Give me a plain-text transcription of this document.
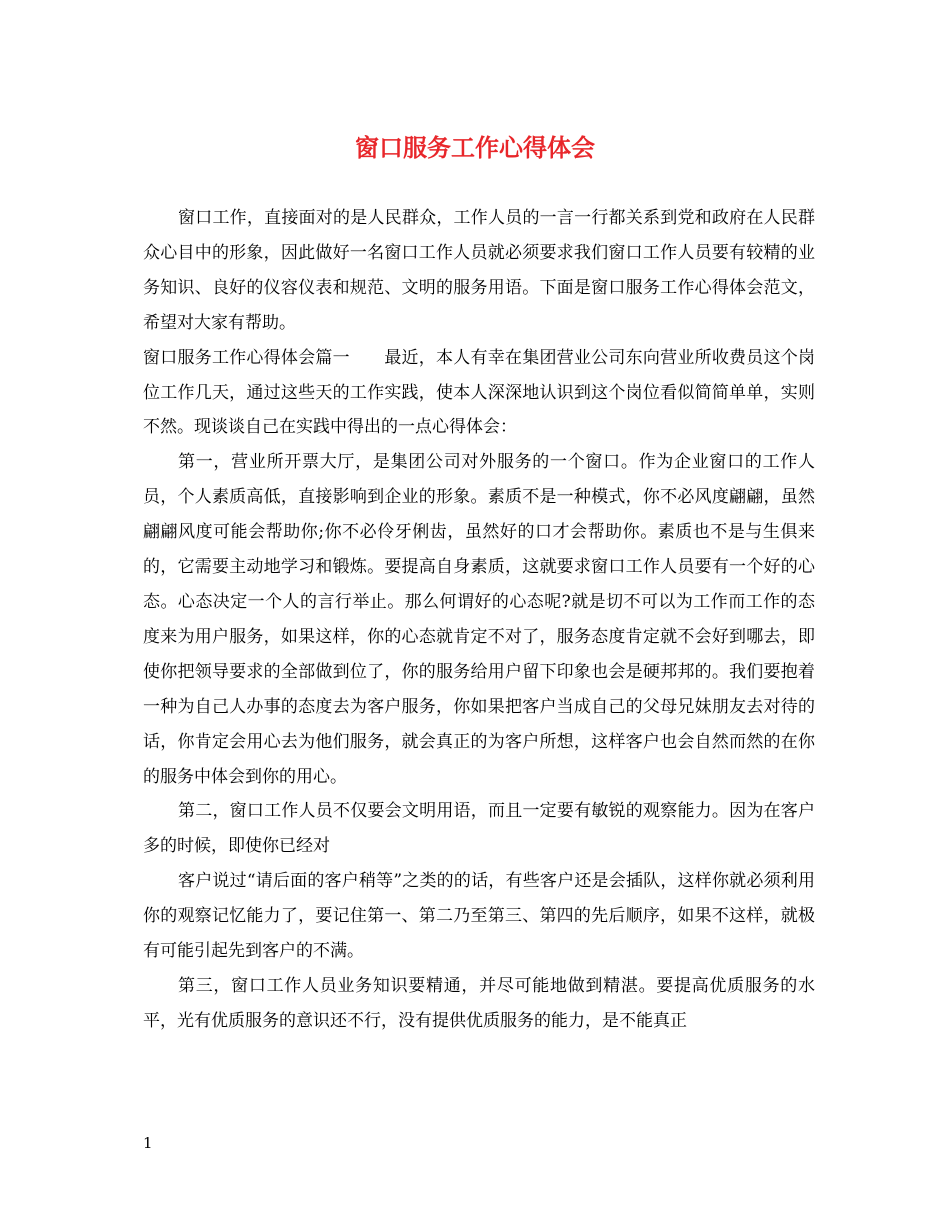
窗口服务工作心得体会

窗口工作，直接面对的是人民群众，工作人员的一言一行都关系到党和政府在人民群众心目中的形象，因此做好一名窗口工作人员就必须要求我们窗口工作人员要有较精的业务知识、良好的仪容仪表和规范、文明的服务用语。下面是窗口服务工作心得体会范文，希望对大家有帮助。

窗口服务工作心得体会篇一　　最近，本人有幸在集团营业公司东向营业所收费员这个岗位工作几天，通过这些天的工作实践，使本人深深地认识到这个岗位看似简简单单，实则不然。现谈谈自己在实践中得出的一点心得体会：

第一，营业所开票大厅，是集团公司对外服务的一个窗口。作为企业窗口的工作人员，个人素质高低，直接影响到企业的形象。素质不是一种模式，你不必风度翩翩，虽然翩翩风度可能会帮助你;你不必伶牙俐齿，虽然好的口才会帮助你。素质也不是与生俱来的，它需要主动地学习和锻炼。要提高自身素质，这就要求窗口工作人员要有一个好的心态。心态决定一个人的言行举止。那么何谓好的心态呢?就是切不可以为工作而工作的态度来为用户服务，如果这样，你的心态就肯定不对了，服务态度肯定就不会好到哪去，即使你把领导要求的全部做到位了，你的服务给用户留下印象也会是硬邦邦的。我们要抱着一种为自己人办事的态度去为客户服务，你如果把客户当成自己的父母兄妹朋友去对待的话，你肯定会用心去为他们服务，就会真正的为客户所想，这样客户也会自然而然的在你的服务中体会到你的用心。

第二，窗口工作人员不仅要会文明用语，而且一定要有敏锐的观察能力。因为在客户多的时候，即使你已经对

客户说过“请后面的客户稍等”之类的的话，有些客户还是会插队，这样你就必须利用你的观察记忆能力了，要记住第一、第二乃至第三、第四的先后顺序，如果不这样，就极有可能引起先到客户的不满。

第三，窗口工作人员业务知识要精通，并尽可能地做到精湛。要提高优质服务的水平，光有优质服务的意识还不行，没有提供优质服务的能力，是不能真正

1
